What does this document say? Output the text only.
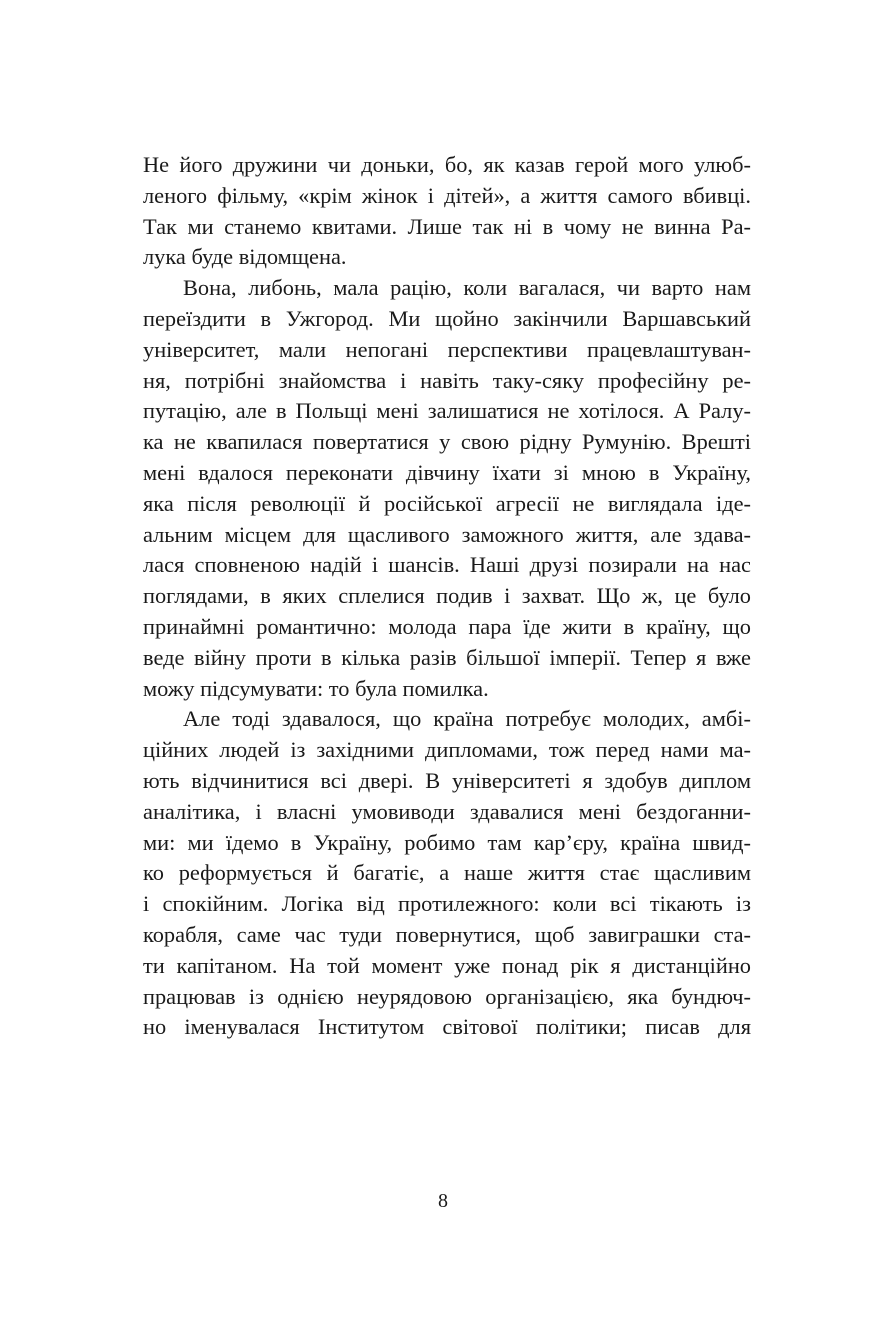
Не його дружини чи доньки, бо, як казав герой мого улюб-
леного фільму, «крім жінок і дітей», а життя самого вбивці.
Так ми станемо квитами. Лише так ні в чому не винна Ра-
лука буде відомщена.
Вона, либонь, мала рацію, коли вагалася, чи варто нам
переїздити в Ужгород. Ми щойно закінчили Варшавський
університет, мали непогані перспективи працевлаштуван-
ня, потрібні знайомства і навіть таку-сяку професійну ре-
путацію, але в Польщі мені залишатися не хотілося. А Ралу-
ка не квапилася повертатися у свою рідну Румунію. Врешті
мені вдалося переконати дівчину їхати зі мною в Україну,
яка після революції й російської агресії не виглядала іде-
альним місцем для щасливого заможного життя, але здава-
лася сповненою надій і шансів. Наші друзі позирали на нас
поглядами, в яких сплелися подив і захват. Що ж, це було
принаймні романтично: молода пара їде жити в країну, що
веде війну проти в кілька разів більшої імперії. Тепер я вже
можу підсумувати: то була помилка.
Але тоді здавалося, що країна потребує молодих, амбі-
ційних людей із західними дипломами, тож перед нами ма-
ють відчинитися всі двері. В університеті я здобув диплом
аналітика, і власні умовиводи здавалися мені бездоганни-
ми: ми їдемо в Україну, робимо там кар’єру, країна швид-
ко реформується й багатіє, а наше життя стає щасливим
і спокійним. Логіка від протилежного: коли всі тікають із
корабля, саме час туди повернутися, щоб завиграшки ста-
ти капітаном. На той момент уже понад рік я дистанційно
працював із однією неурядовою організацією, яка бундюч-
но іменувалася Інститутом світової політики; писав для
8
